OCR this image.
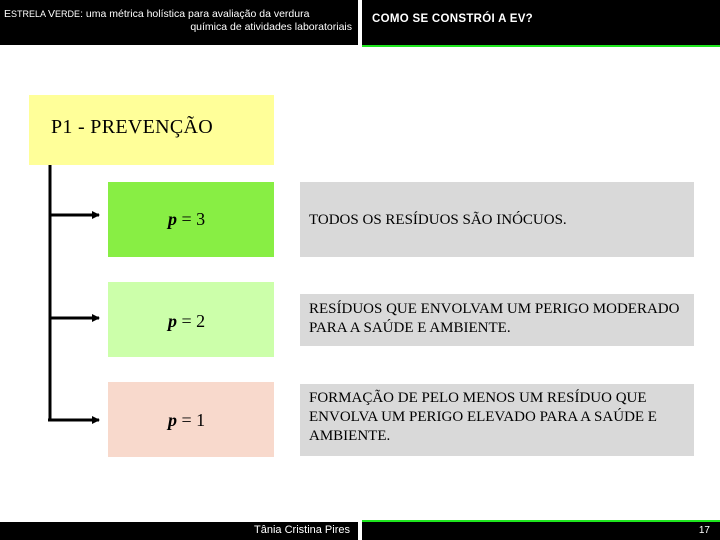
ESTRELA VERDE: uma métrica holística para avaliação da verdura
química de atividades laboratoriais
COMO SE CONSTRÓI A EV?
P1 - PREVENÇÃO
p = 3
p = 2
p = 1
TODOS OS RESÍDUOS SÃO INÓCUOS.
RESÍDUOS QUE ENVOLVAM UM PERIGO MODERADO PARA A SAÚDE E AMBIENTE.
FORMAÇÃO DE PELO MENOS UM RESÍDUO QUE ENVOLVA UM PERIGO ELEVADO PARA A SAÚDE E AMBIENTE.
Tânia Cristina Pires	17
